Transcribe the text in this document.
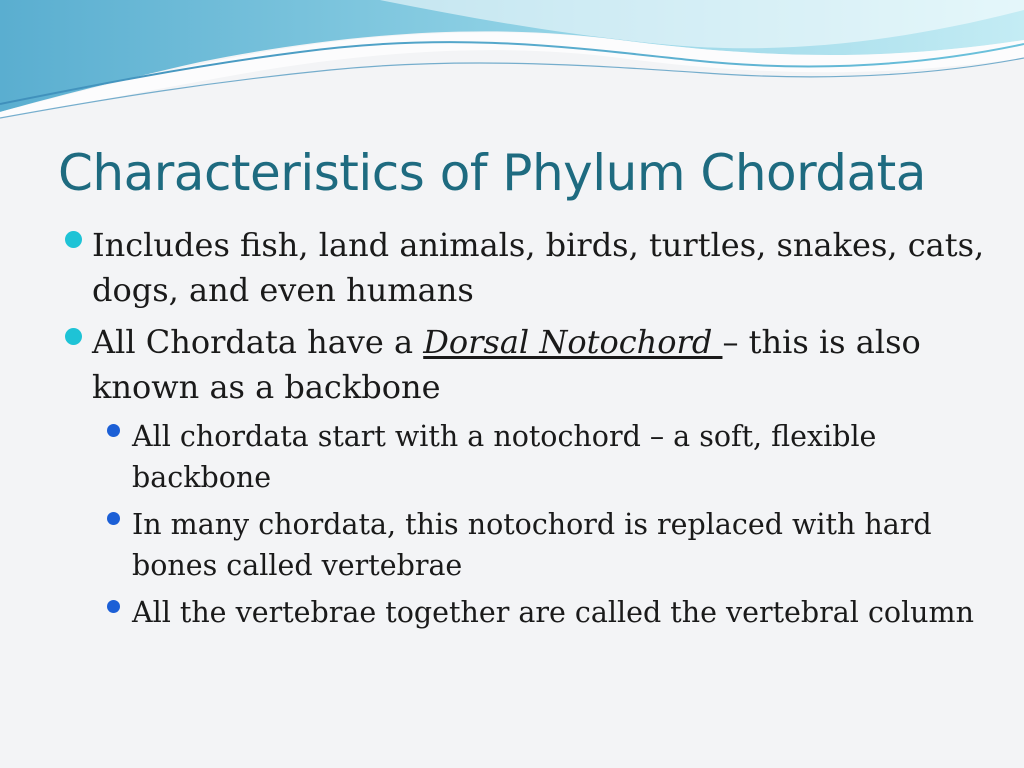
Characteristics of Phylum Chordata
Includes fish, land animals, birds, turtles, snakes, cats, dogs, and even humans
All Chordata have a Dorsal Notochord – this is also known as a backbone
All chordata start with a notochord – a soft, flexible backbone
In many chordata, this notochord is replaced with hard bones called vertebrae
All the vertebrae together are called the vertebral column
